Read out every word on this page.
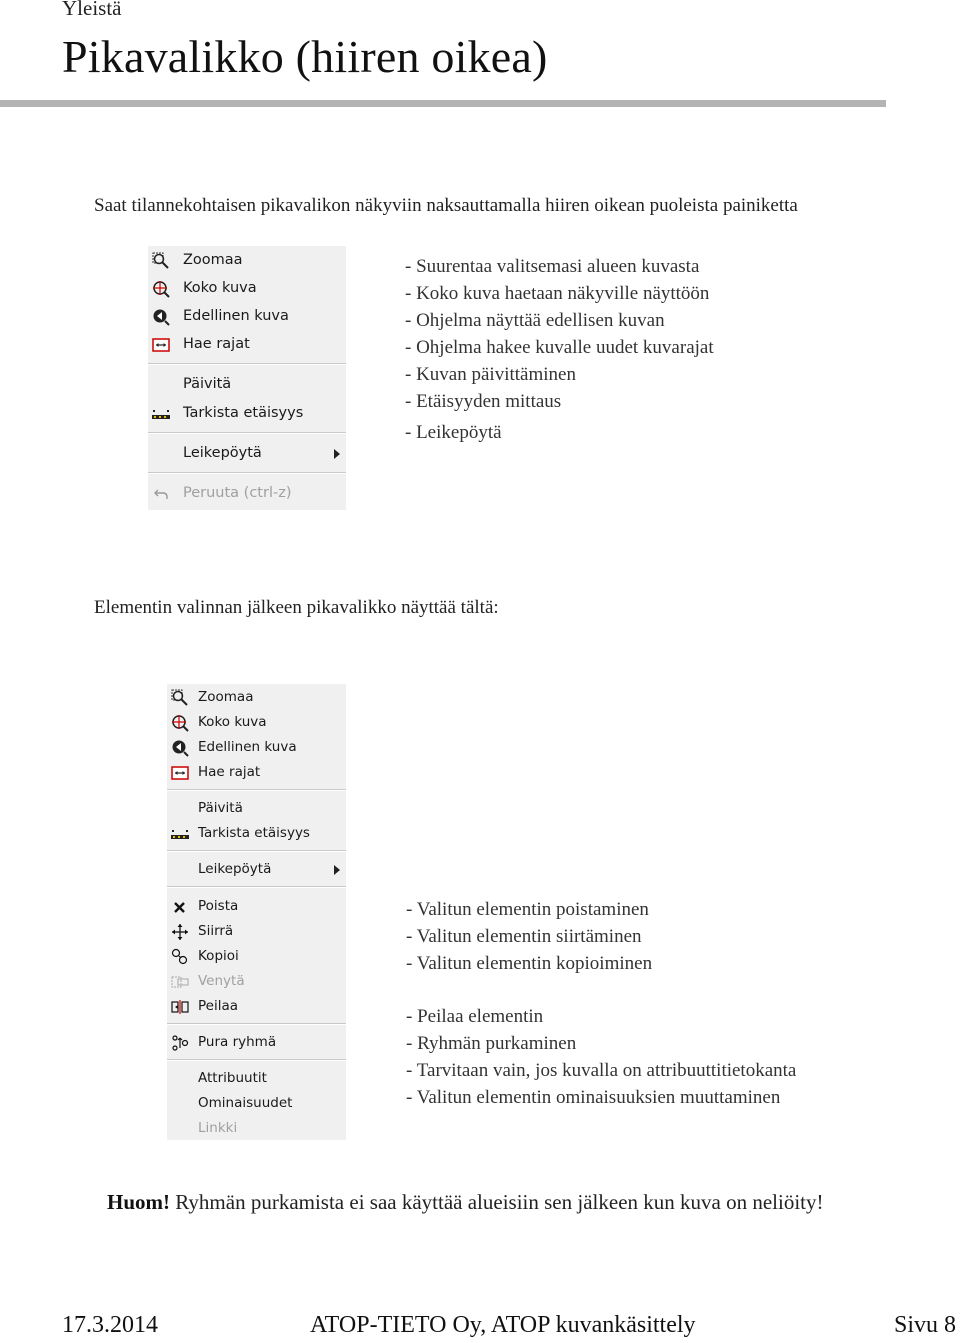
Yleistä
Pikavalikko (hiiren oikea)
Saat tilannekohtaisen pikavalikon näkyviin naksauttamalla hiiren oikean puoleista painiketta
Zoomaa
Koko kuva
Edellinen kuva
Hae rajat
Päivitä
Tarkista etäisyys
Leikepöytä
Peruuta (ctrl-z)
- Suurentaa valitsemasi alueen kuvasta
- Koko kuva haetaan näkyville näyttöön
- Ohjelma näyttää edellisen kuvan
- Ohjelma hakee kuvalle uudet kuvarajat
- Kuvan päivittäminen
- Etäisyyden mittaus
- Leikepöytä
Elementin valinnan jälkeen pikavalikko näyttää tältä:
Zoomaa
Koko kuva
Edellinen kuva
Hae rajat
Päivitä
Tarkista etäisyys
Leikepöytä
Poista
Siirrä
Kopioi
Venytä
Peilaa
Pura ryhmä
Attribuutit
Ominaisuudet
Linkki
- Valitun elementin poistaminen
- Valitun elementin siirtäminen
- Valitun elementin kopioiminen
- Peilaa elementin
- Ryhmän purkaminen
- Tarvitaan vain, jos kuvalla on attribuuttitietokanta
- Valitun elementin ominaisuuksien muuttaminen
Huom! Ryhmän purkamista ei saa käyttää alueisiin sen jälkeen kun kuva on neliöity!
17.3.2014	ATOP-TIETO Oy, ATOP kuvankäsittely	Sivu 8
